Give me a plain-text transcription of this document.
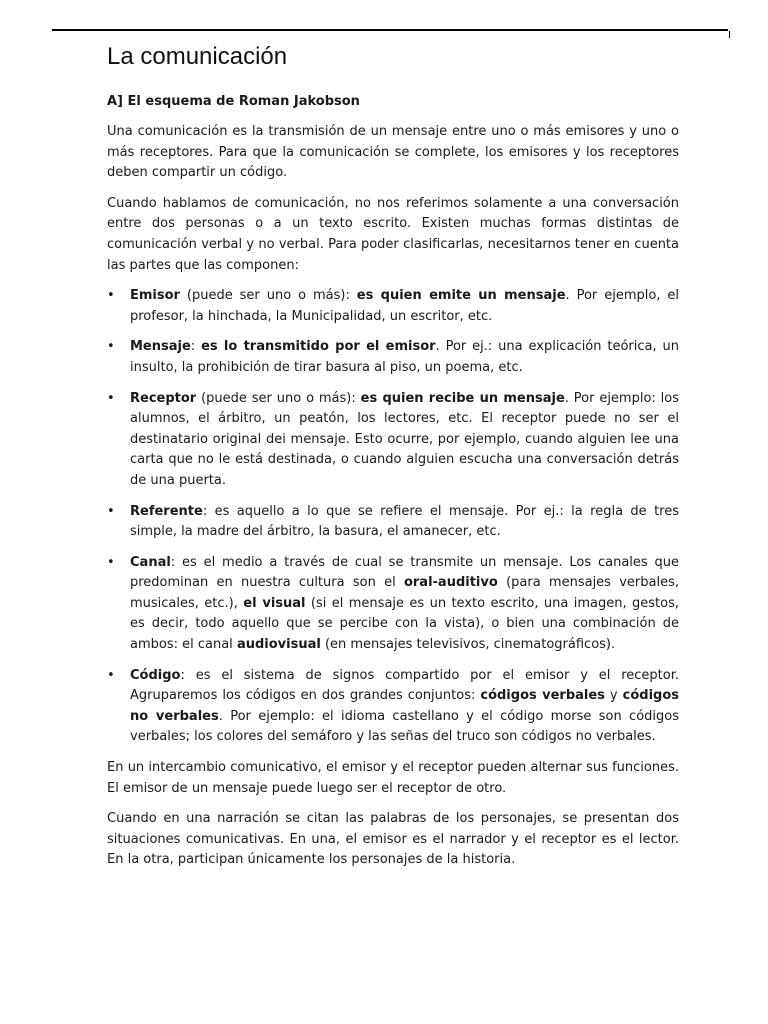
La comunicación
A] El esquema de Roman Jakobson

Una comunicación es la transmisión de un mensaje entre uno o más emisores y uno o más receptores. Para que la comunicación se complete, los emisores y los receptores deben compartir un código.

Cuando hablamos de comunicación, no nos referimos solamente a una conversación entre dos personas o a un texto escrito. Existen muchas formas distintas de comunicación verbal y no verbal. Para poder clasificarlas, necesitarnos tener en cuenta las partes que las componen:

• Emisor (puede ser uno o más): es quien emite un mensaje. Por ejemplo, el profesor, la hinchada, la Municipalidad, un escritor, etc.
• Mensaje: es lo transmitido por el emisor. Por ej.: una explicación teórica, un insulto, la prohibición de tirar basura al piso, un poema, etc.
• Receptor (puede ser uno o más): es quien recibe un mensaje. Por ejemplo: los alumnos, el árbitro, un peatón, los lectores, etc. El receptor puede no ser el destinatario original dei mensaje. Esto ocurre, por ejemplo, cuando alguien lee una carta que no le está destinada, o cuando alguien escucha una conversación detrás de una puerta.
• Referente: es aquello a lo que se refiere el mensaje. Por ej.: la regla de tres simple, la madre del árbitro, la basura, el amanecer, etc.
• Canal: es el medio a través de cual se transmite un mensaje. Los canales que predominan en nuestra cultura son el oral-auditivo (para mensajes verbales, musicales, etc.), el visual (si el mensaje es un texto escrito, una imagen, gestos, es decir, todo aquello que se percibe con la vista), o bien una combinación de ambos: el canal audiovisual (en mensajes televisivos, cinematográficos).
• Código: es el sistema de signos compartido por el emisor y el receptor. Agruparemos los códigos en dos grandes conjuntos: códigos verbales y códigos no verbales. Por ejemplo: el idioma castellano y el código morse son códigos verbales; los colores del semáforo y las señas del truco son códigos no verbales.

En un intercambio comunicativo, el emisor y el receptor pueden alternar sus funciones. El emisor de un mensaje puede luego ser el receptor de otro.

Cuando en una narración se citan las palabras de los personajes, se presentan dos situaciones comunicativas. En una, el emisor es el narrador y el receptor es el lector. En la otra, participan únicamente los personajes de la historia.
